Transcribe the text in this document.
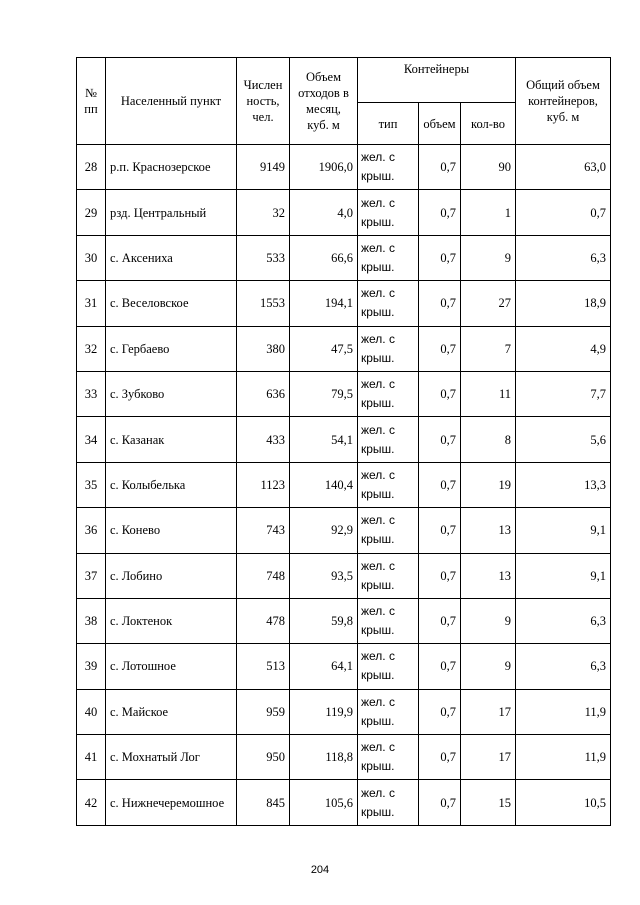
№ пп	Населенный пункт	Числен ность, чел.	Объем отходов в месяц, куб. м	Контейнеры			Общий объем контейнеров, куб. м
				тип	объем	кол-во	
28	р.п. Краснозерское	9149	1906,0	жел. с крыш.	0,7	90	63,0
29	рзд. Центральный	32	4,0	жел. с крыш.	0,7	1	0,7
30	с. Аксениха	533	66,6	жел. с крыш.	0,7	9	6,3
31	с. Веселовское	1553	194,1	жел. с крыш.	0,7	27	18,9
32	с. Гербаево	380	47,5	жел. с крыш.	0,7	7	4,9
33	с. Зубково	636	79,5	жел. с крыш.	0,7	11	7,7
34	с. Казанак	433	54,1	жел. с крыш.	0,7	8	5,6
35	с. Колыбелька	1123	140,4	жел. с крыш.	0,7	19	13,3
36	с. Конево	743	92,9	жел. с крыш.	0,7	13	9,1
37	с. Лобино	748	93,5	жел. с крыш.	0,7	13	9,1
38	с. Локтенок	478	59,8	жел. с крыш.	0,7	9	6,3
39	с. Лотошное	513	64,1	жел. с крыш.	0,7	9	6,3
40	с. Майское	959	119,9	жел. с крыш.	0,7	17	11,9
41	с. Мохнатый Лог	950	118,8	жел. с крыш.	0,7	17	11,9
42	с. Нижнечеремошное	845	105,6	жел. с крыш.	0,7	15	10,5
204
